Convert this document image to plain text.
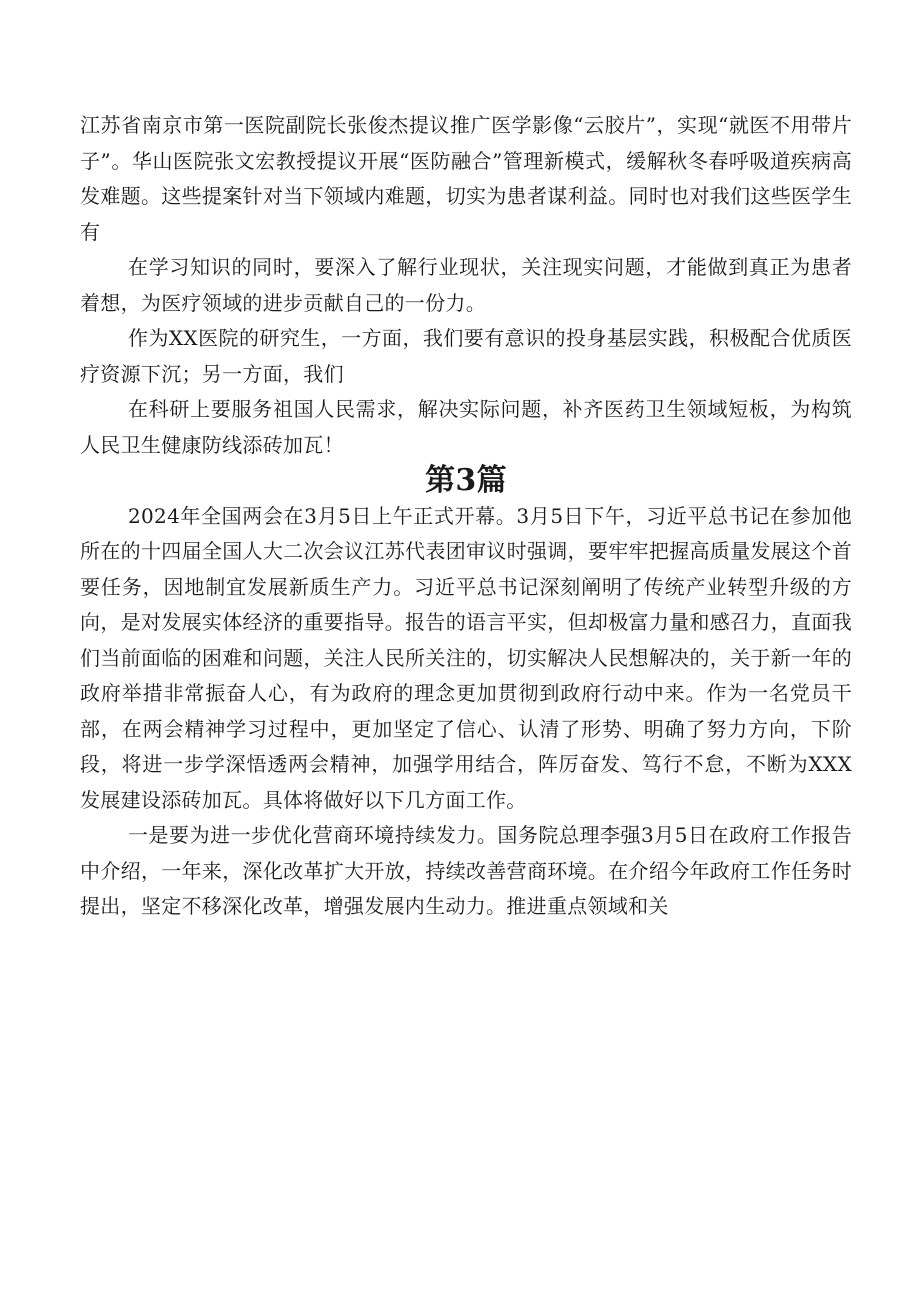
江苏省南京市第一医院副院长张俊杰提议推广医学影像“云胶片”，实现“就医不用带片子”。华山医院张文宏教授提议开展“医防融合”管理新模式，缓解秋冬春呼吸道疾病高发难题。这些提案针对当下领域内难题，切实为患者谋利益。同时也对我们这些医学生有

在学习知识的同时，要深入了解行业现状，关注现实问题，才能做到真正为患者着想，为医疗领域的进步贡献自己的一份力。

作为XX医院的研究生，一方面，我们要有意识的投身基层实践，积极配合优质医疗资源下沉；另一方面，我们

在科研上要服务祖国人民需求，解决实际问题，补齐医药卫生领域短板，为构筑人民卫生健康防线添砖加瓦！

第3篇

2024年全国两会在3月5日上午正式开幕。3月5日下午，习近平总书记在参加他所在的十四届全国人大二次会议江苏代表团审议时强调，要牢牢把握高质量发展这个首要任务，因地制宜发展新质生产力。习近平总书记深刻阐明了传统产业转型升级的方向，是对发展实体经济的重要指导。报告的语言平实，但却极富力量和感召力，直面我们当前面临的困难和问题，关注人民所关注的，切实解决人民想解决的，关于新一年的政府举措非常振奋人心，有为政府的理念更加贯彻到政府行动中来。作为一名党员干部，在两会精神学习过程中，更加坚定了信心、认清了形势、明确了努力方向，下阶段，将进一步学深悟透两会精神，加强学用结合，阵厉奋发、笃行不怠，不断为XXX发展建设添砖加瓦。具体将做好以下几方面工作。

一是要为进一步优化营商环境持续发力。国务院总理李强3月5日在政府工作报告中介绍，一年来，深化改革扩大开放，持续改善营商环境。在介绍今年政府工作任务时提出，坚定不移深化改革，增强发展内生动力。推进重点领域和关
